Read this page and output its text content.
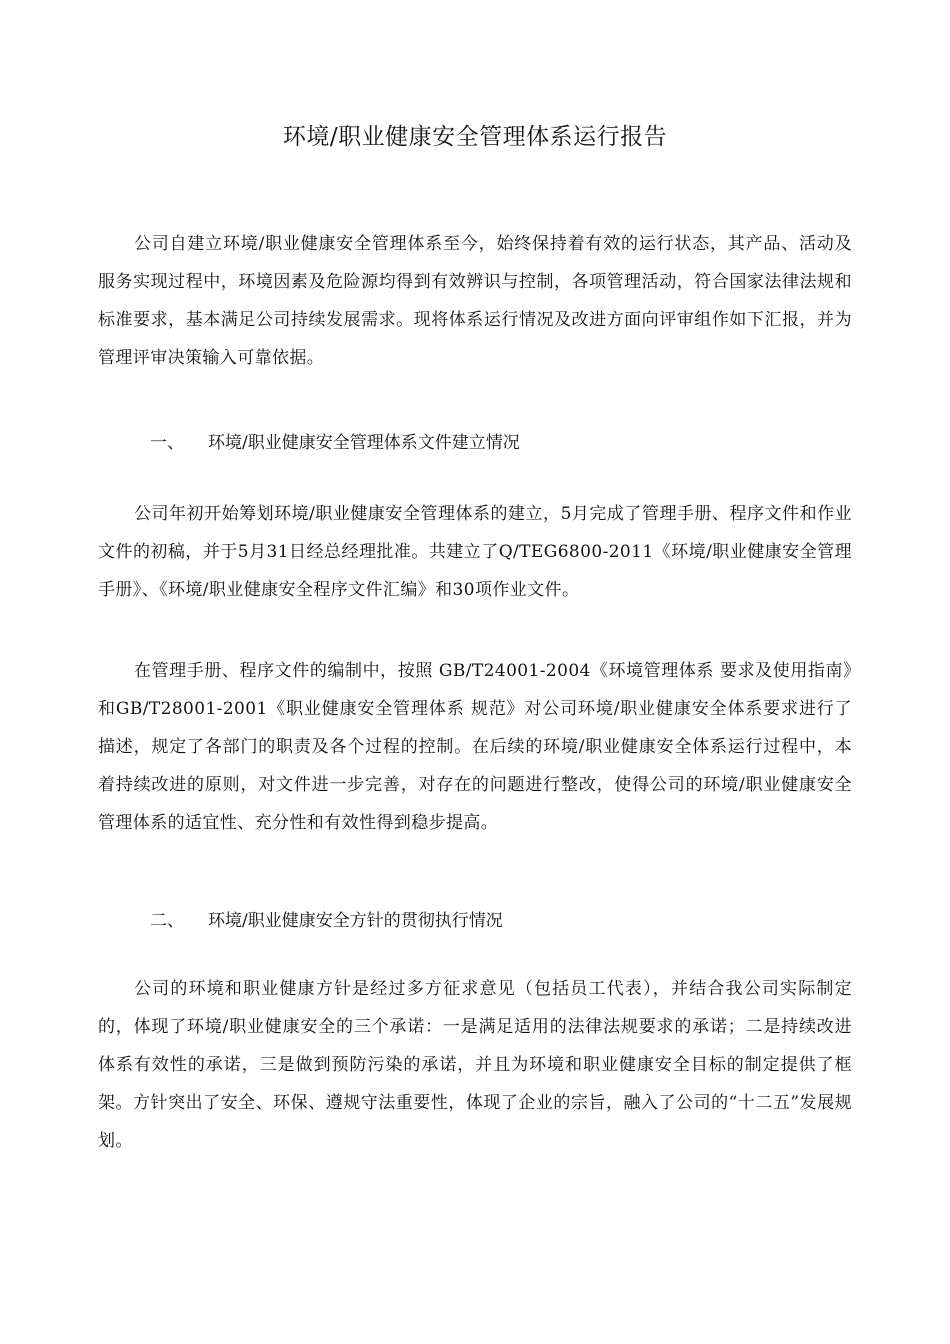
环境/职业健康安全管理体系运行报告

公司自建立环境/职业健康安全管理体系至今，始终保持着有效的运行状态，其产品、活动及服务实现过程中，环境因素及危险源均得到有效辨识与控制，各项管理活动，符合国家法律法规和标准要求，基本满足公司持续发展需求。现将体系运行情况及改进方面向评审组作如下汇报，并为管理评审决策输入可靠依据。

一、 环境/职业健康安全管理体系文件建立情况

公司年初开始筹划环境/职业健康安全管理体系的建立，5月完成了管理手册、程序文件和作业文件的初稿，并于5月31日经总经理批准。共建立了Q/TEG6800-2011《环境/职业健康安全管理手册》、《环境/职业健康安全程序文件汇编》和30项作业文件。

在管理手册、程序文件的编制中，按照 GB/T24001-2004《环境管理体系 要求及使用指南》和GB/T28001-2001《职业健康安全管理体系 规范》对公司环境/职业健康安全体系要求进行了描述，规定了各部门的职责及各个过程的控制。在后续的环境/职业健康安全体系运行过程中，本着持续改进的原则，对文件进一步完善，对存在的问题进行整改，使得公司的环境/职业健康安全管理体系的适宜性、充分性和有效性得到稳步提高。

二、 环境/职业健康安全方针的贯彻执行情况

公司的环境和职业健康方针是经过多方征求意见（包括员工代表），并结合我公司实际制定的，体现了环境/职业健康安全的三个承诺：一是满足适用的法律法规要求的承诺；二是持续改进体系有效性的承诺，三是做到预防污染的承诺，并且为环境和职业健康安全目标的制定提供了框架。方针突出了安全、环保、遵规守法重要性，体现了企业的宗旨，融入了公司的“十二五”发展规划。
